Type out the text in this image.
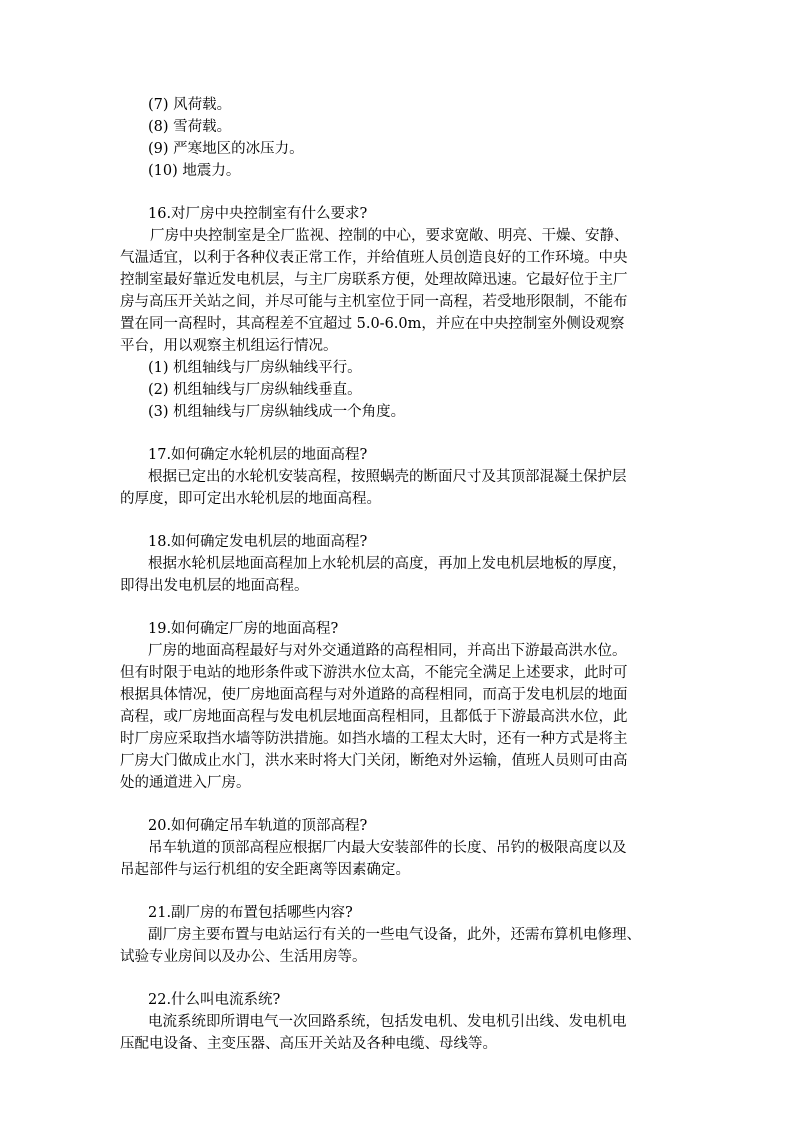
(7) 风荷载。
(8) 雪荷载。
(9) 严寒地区的冰压力。
(10) 地震力。
16.对厂房中央控制室有什么要求?
厂房中央控制室是全厂监视、控制的中心，要求宽敞、明亮、干燥、安静、
气温适宜，以利于各种仪表正常工作，并给值班人员创造良好的工作环境。中央
控制室最好靠近发电机层，与主厂房联系方便，处理故障迅速。它最好位于主厂
房与高压开关站之间，并尽可能与主机室位于同一高程，若受地形限制，不能布
置在同一高程时，其高程差不宜超过 5.0-6.0m，并应在中央控制室外侧设观察
平台，用以观察主机组运行情况。
(1) 机组轴线与厂房纵轴线平行。
(2) 机组轴线与厂房纵轴线垂直。
(3) 机组轴线与厂房纵轴线成一个角度。
17.如何确定水轮机层的地面高程?
根据已定出的水轮机安装高程，按照蜗壳的断面尺寸及其顶部混凝土保护层
的厚度，即可定出水轮机层的地面高程。
18.如何确定发电机层的地面高程?
根据水轮机层地面高程加上水轮机层的高度，再加上发电机层地板的厚度，
即得出发电机层的地面高程。
19.如何确定厂房的地面高程?
厂房的地面高程最好与对外交通道路的高程相同，并高出下游最高洪水位。
但有时限于电站的地形条件或下游洪水位太高，不能完全满足上述要求，此时可
根据具体情况，使厂房地面高程与对外道路的高程相同，而高于发电机层的地面
高程，或厂房地面高程与发电机层地面高程相同，且都低于下游最高洪水位，此
时厂房应采取挡水墙等防洪措施。如挡水墙的工程太大时，还有一种方式是将主
厂房大门做成止水门，洪水来时将大门关闭，断绝对外运输，值班人员则可由高
处的通道进入厂房。
20.如何确定吊车轨道的顶部高程?
吊车轨道的顶部高程应根据厂内最大安装部件的长度、吊钓的极限高度以及
吊起部件与运行机组的安全距离等因素确定。
21.副厂房的布置包括哪些内容?
副厂房主要布置与电站运行有关的一些电气设备，此外，还需布算机电修理、
试验专业房间以及办公、生活用房等。
22.什么叫电流系统?
电流系统即所谓电气一次回路系统，包括发电机、发电机引出线、发电机电
压配电设备、主变压器、高压开关站及各种电缆、母线等。
